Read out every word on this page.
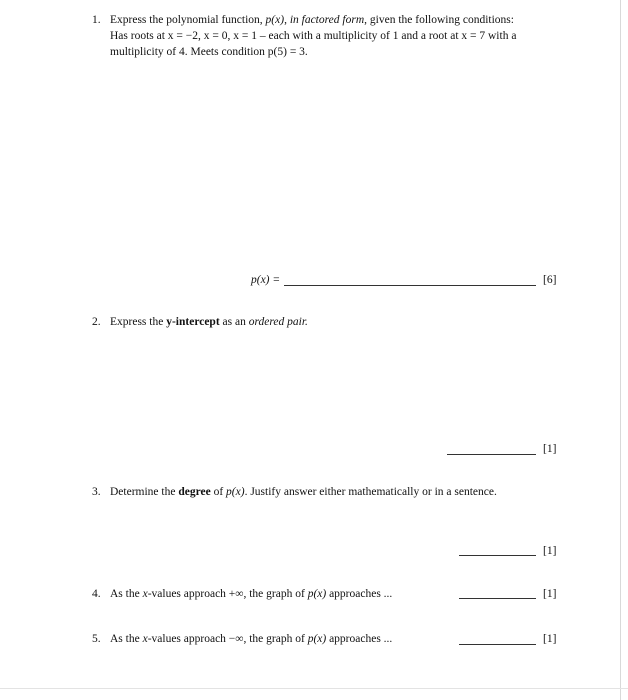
1. Express the polynomial function, p(x), in factored form, given the following conditions:
Has roots at x = −2, x = 0, x = 1 – each with a multiplicity of 1 and a root at x = 7 with a
multiplicity of 4. Meets condition p(5) = 3.
p(x) =	[6]
2. Express the y-intercept as an ordered pair.
[1]
3. Determine the degree of p(x). Justify answer either mathematically or in a sentence.
[1]
4. As the x-values approach +∞, the graph of p(x) approaches ...	[1]
5. As the x-values approach −∞, the graph of p(x) approaches ...	[1]
